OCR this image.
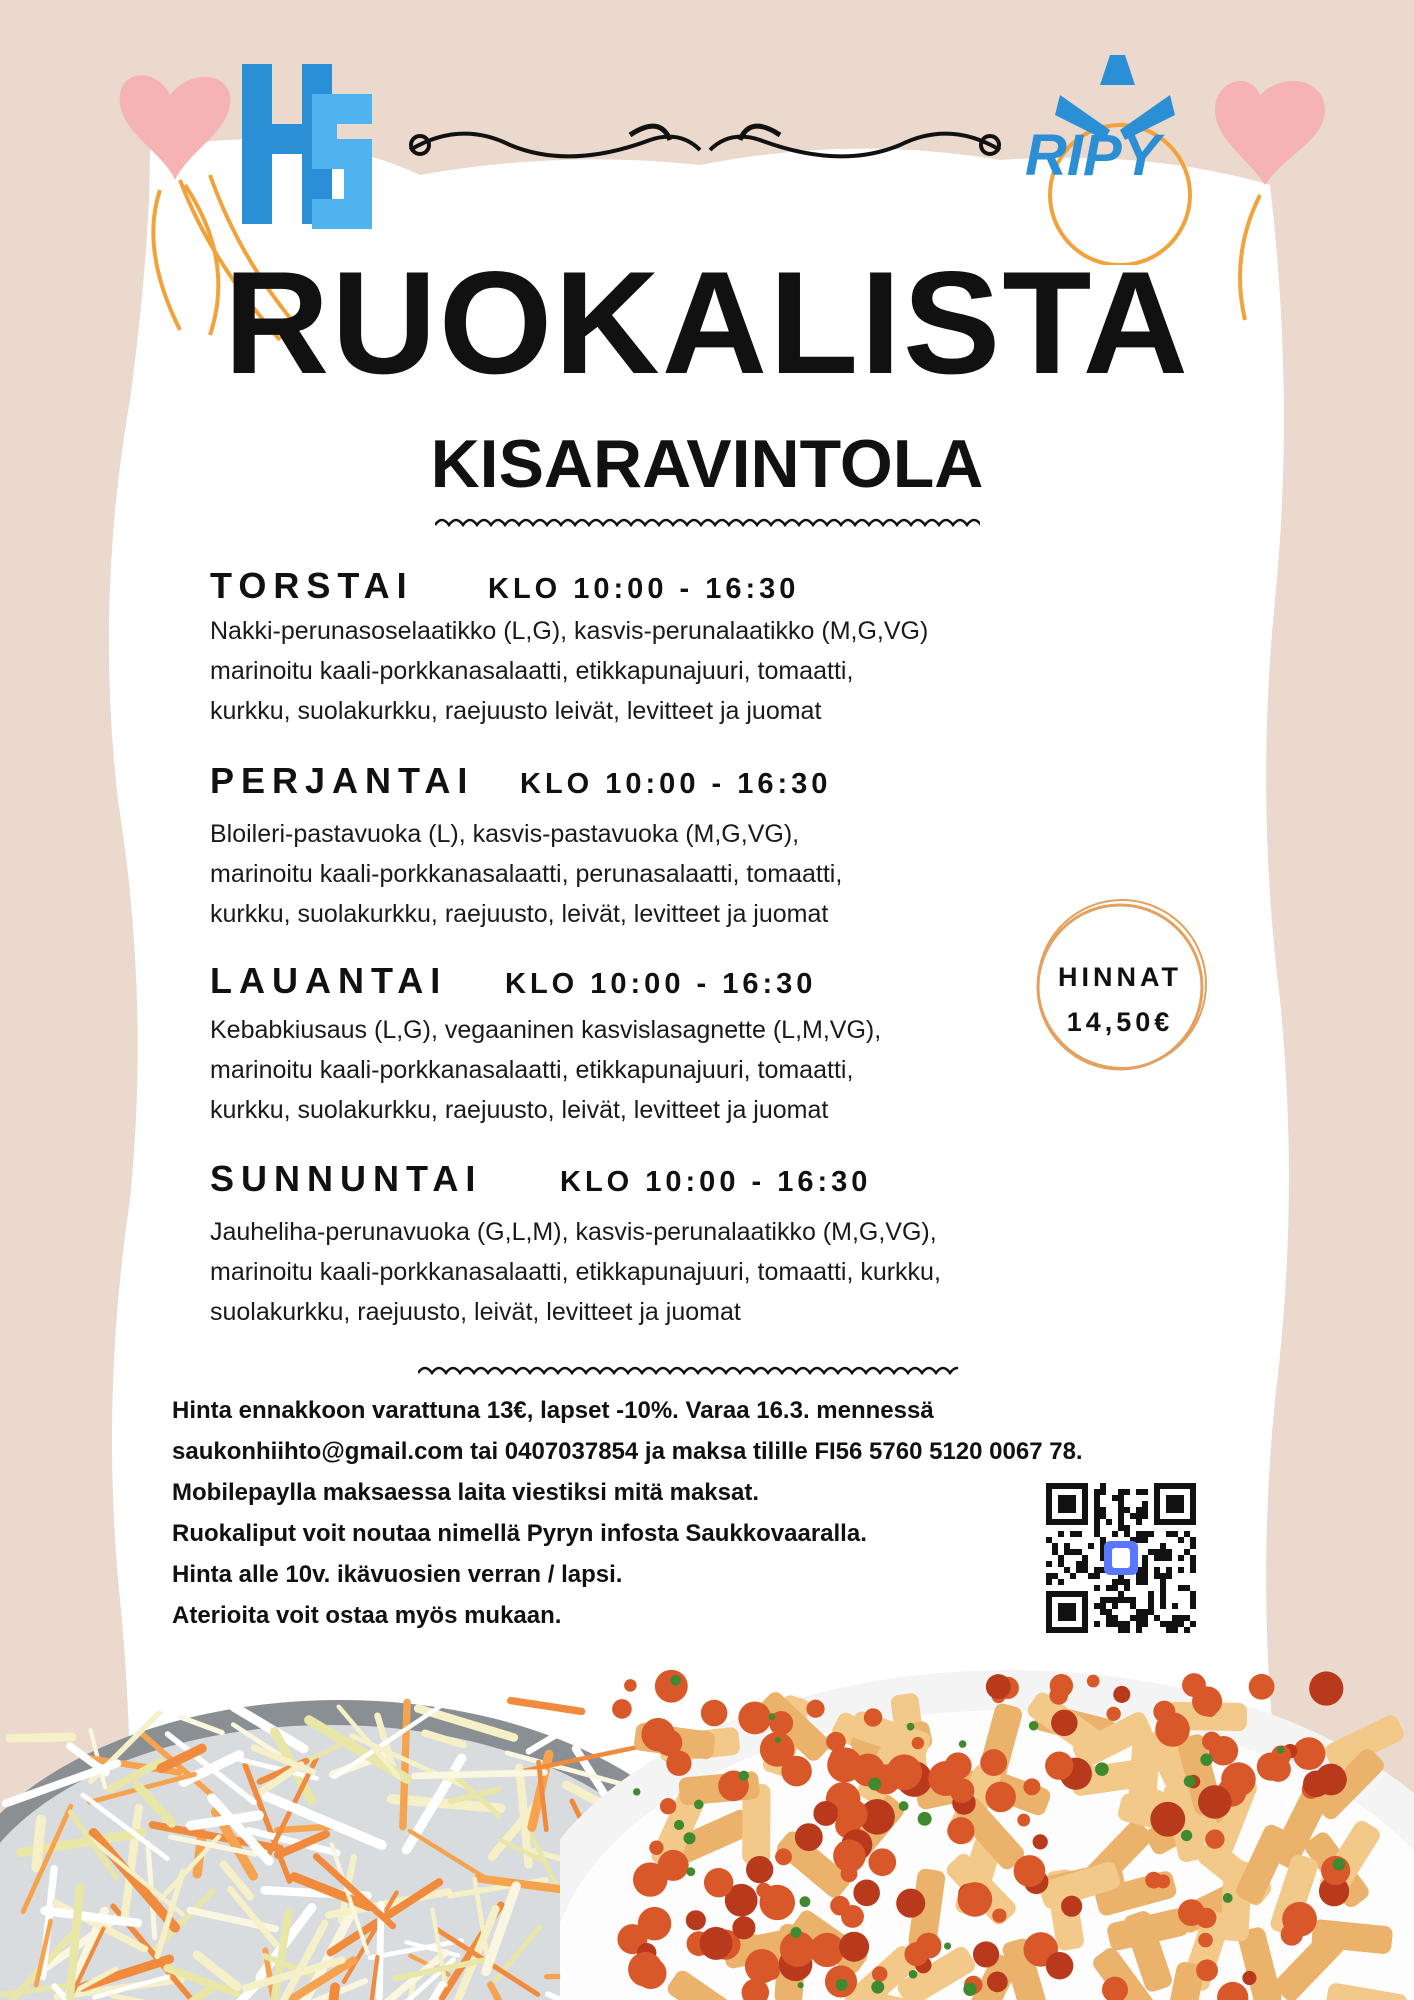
RIPY
RUOKALISTA
KISARAVINTOLA
TORSTAI	KLO 10:00 - 16:30
Nakki-perunasoselaatikko (L,G), kasvis-perunalaatikko (M,G,VG)
marinoitu kaali-porkkanasalaatti, etikkapunajuuri, tomaatti,
kurkku, suolakurkku, raejuusto leivät, levitteet ja juomat
PERJANTAI KLO 10:00 - 16:30
Bloileri-pastavuoka (L), kasvis-pastavuoka (M,G,VG),
marinoitu kaali-porkkanasalaatti, perunasalaatti, tomaatti,
kurkku, suolakurkku, raejuusto, leivät, levitteet ja juomat
LAUANTAI KLO 10:00 - 16:30
Kebabkiusaus (L,G), vegaaninen kasvislasagnette (L,M,VG),
marinoitu kaali-porkkanasalaatti, etikkapunajuuri, tomaatti,
kurkku, suolakurkku, raejuusto, leivät, levitteet ja juomat
SUNNUNTAI	KLO 10:00 - 16:30
Jauheliha-perunavuoka (G,L,M), kasvis-perunalaatikko (M,G,VG),
marinoitu kaali-porkkanasalaatti, etikkapunajuuri, tomaatti, kurkku,
suolakurkku, raejuusto, leivät, levitteet ja juomat
HINNAT
14,50€
Hinta ennakkoon varattuna 13€, lapset -10%. Varaa 16.3. mennessä
saukonhiihto@gmail.com tai 0407037854 ja maksa tilille FI56 5760 5120 0067 78.
Mobilepaylla maksaessa laita viestiksi mitä maksat.
Ruokaliput voit noutaa nimellä Pyryn infosta Saukkovaaralla.
Hinta alle 10v. ikävuosien verran / lapsi.
Aterioita voit ostaa myös mukaan.
